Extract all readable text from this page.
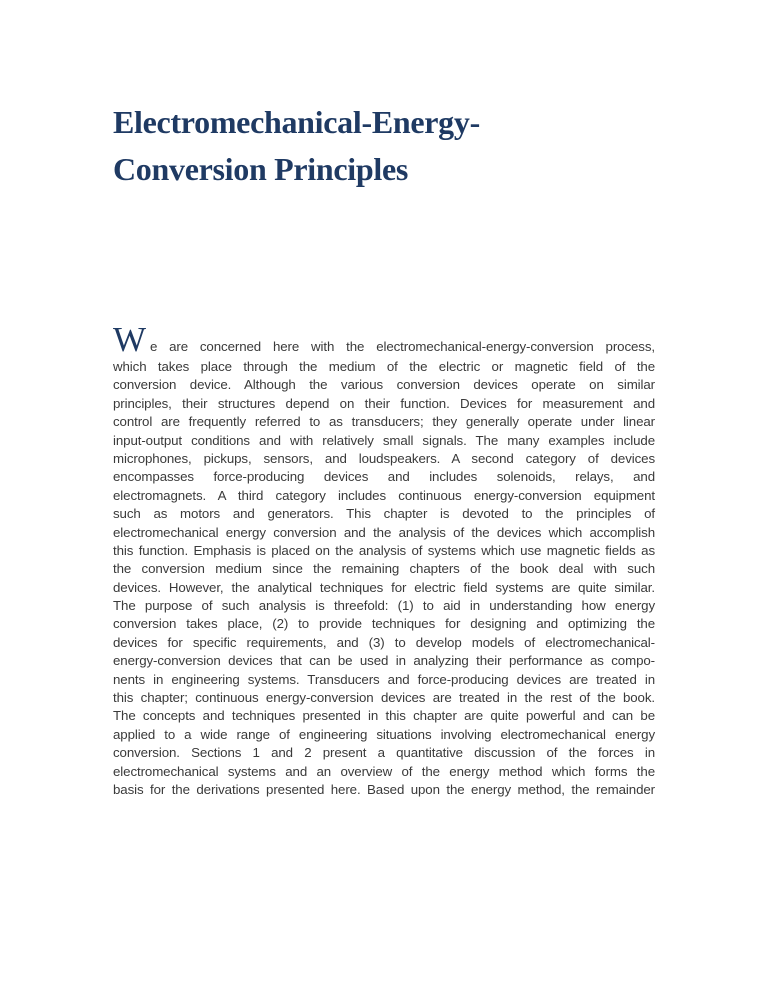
Electromechanical-Energy-
Conversion Principles
We are concerned here with the electromechanical-energy-conversion process,
which takes place through the medium of the electric or magnetic field of the
conversion device. Although the various conversion devices operate on similar
principles, their structures depend on their function. Devices for measurement and
control are frequently referred to as transducers; they generally operate under linear
input-output conditions and with relatively small signals. The many examples include
microphones, pickups, sensors, and loudspeakers. A second category of devices
encompasses force-producing devices and includes solenoids, relays, and
electromagnets. A third category includes continuous energy-conversion equipment
such as motors and generators. This chapter is devoted to the principles of
electromechanical energy conversion and the analysis of the devices which accomplish
this function. Emphasis is placed on the analysis of systems which use magnetic fields as
the conversion medium since the remaining chapters of the book deal with such
devices. However, the analytical techniques for electric field systems are quite similar.
The purpose of such analysis is threefold: (1) to aid in understanding how energy
conversion takes place, (2) to provide techniques for designing and optimizing the
devices for specific requirements, and (3) to develop models of electromechanical-
energy-conversion devices that can be used in analyzing their performance as compo-
nents in engineering systems. Transducers and force-producing devices are treated in
this chapter; continuous energy-conversion devices are treated in the rest of the book.
The concepts and techniques presented in this chapter are quite powerful and can be
applied to a wide range of engineering situations involving electromechanical energy
conversion. Sections 1 and 2 present a quantitative discussion of the forces in
electromechanical systems and an overview of the energy method which forms the
basis for the derivations presented here. Based upon the energy method, the remainder
